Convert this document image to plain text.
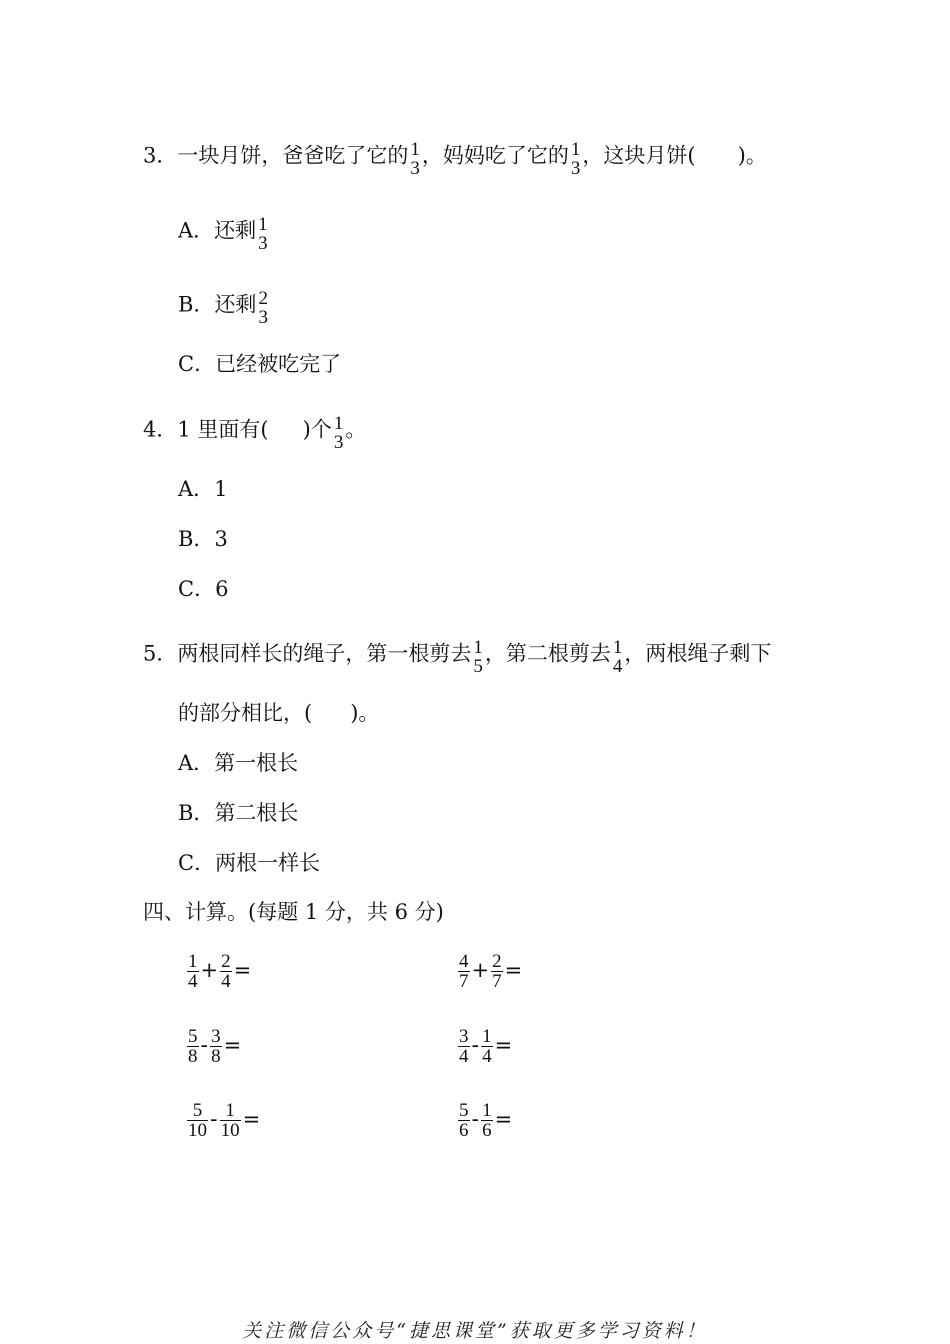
3．一块月饼，爸爸吃了它的 1
3
，妈妈吃了它的 1
3
，这块月饼( )。
A．还剩 1
3
B．还剩 2
3
C．已经被吃完了
4．1 里面有( )个 1
3
。
A．1
B．3
C．6
5．两根同样长的绳子，第一根剪去 1
5
，第二根剪去 1
4
，两根绳子剩下
的部分相比，( )。
A．第一根长
B．第二根长
C．两根一样长
四、计算。(每题 1 分，共 6 分)
$\frac{1}{4} + \frac{2}{4}$ =	$\frac{4}{7} + \frac{2}{7}$ =
$\frac{5}{8} - \frac{3}{8}$ =	$\frac{3}{4} - \frac{1}{4}$ =
$\frac{5}{10} - \frac{1}{10}$ =	$\frac{5}{6} - \frac{1}{6}$ =
关注微信公众号“捷思课堂”获取更多学习资料！
